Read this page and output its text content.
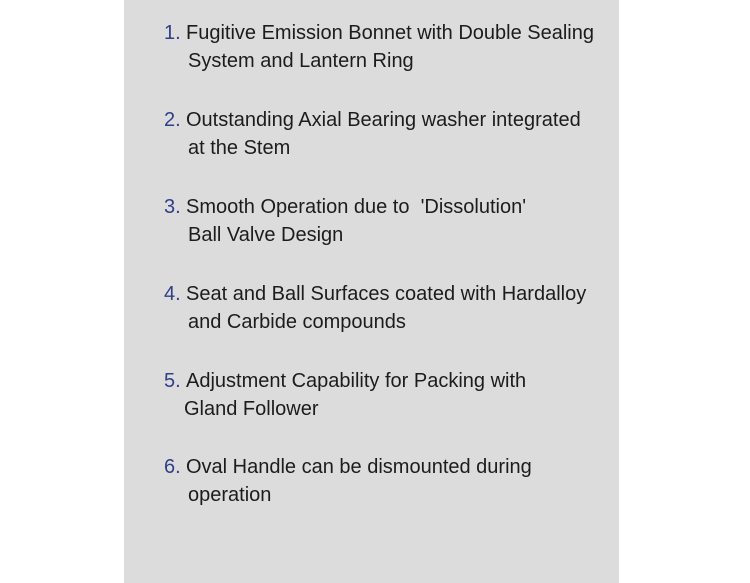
1. Fugitive Emission Bonnet with Double Sealing
System and Lantern Ring
2. Outstanding Axial Bearing washer integrated
at the Stem
3. Smooth Operation due to  'Dissolution'
Ball Valve Design
4. Seat and Ball Surfaces coated with Hardalloy
and Carbide compounds
5. Adjustment Capability for Packing with
Gland Follower
6. Oval Handle can be dismounted during
operation
